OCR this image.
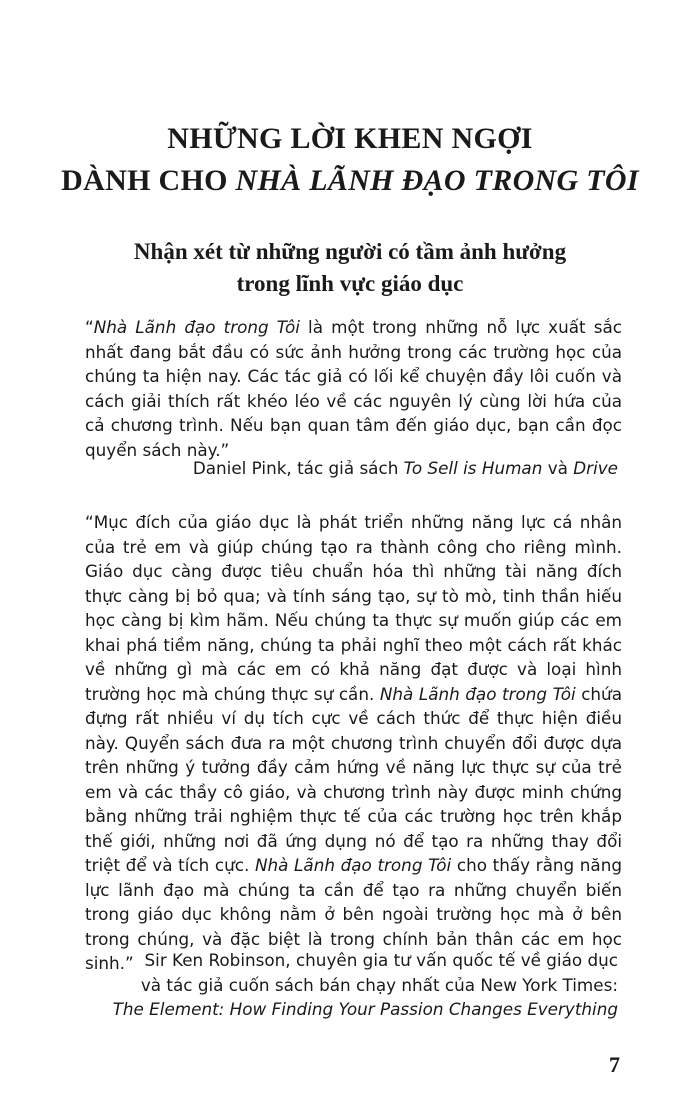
NHỮNG LỜI KHEN NGỢI
DÀNH CHO NHÀ LÃNH ĐẠO TRONG TÔI
Nhận xét từ những người có tầm ảnh hưởng
trong lĩnh vực giáo dục

“Nhà Lãnh đạo trong Tôi là một trong những nỗ lực xuất sắc nhất đang bắt đầu có sức ảnh hưởng trong các trường học của chúng ta hiện nay. Các tác giả có lối kể chuyện đầy lôi cuốn và cách giải thích rất khéo léo về các nguyên lý cùng lời hứa của cả chương trình. Nếu bạn quan tâm đến giáo dục, bạn cần đọc quyển sách này.”

Daniel Pink, tác giả sách To Sell is Human và Drive

“Mục đích của giáo dục là phát triển những năng lực cá nhân của trẻ em và giúp chúng tạo ra thành công cho riêng mình. Giáo dục càng được tiêu chuẩn hóa thì những tài năng đích thực càng bị bỏ qua; và tính sáng tạo, sự tò mò, tinh thần hiếu học càng bị kìm hãm. Nếu chúng ta thực sự muốn giúp các em khai phá tiềm năng, chúng ta phải nghĩ theo một cách rất khác về những gì mà các em có khả năng đạt được và loại hình trường học mà chúng thực sự cần. Nhà Lãnh đạo trong Tôi chứa đựng rất nhiều ví dụ tích cực về cách thức để thực hiện điều này. Quyển sách đưa ra một chương trình chuyển đổi được dựa trên những ý tưởng đầy cảm hứng về năng lực thực sự của trẻ em và các thầy cô giáo, và chương trình này được minh chứng bằng những trải nghiệm thực tế của các trường học trên khắp thế giới, những nơi đã ứng dụng nó để tạo ra những thay đổi triệt để và tích cực. Nhà Lãnh đạo trong Tôi cho thấy rằng năng lực lãnh đạo mà chúng ta cần để tạo ra những chuyển biến trong giáo dục không nằm ở bên ngoài trường học mà ở bên trong chúng, và đặc biệt là trong chính bản thân các em học sinh.” Sir Ken Robinson, chuyên gia tư vấn quốc tế về giáo dục
và tác giả cuốn sách bán chạy nhất của New York Times:
The Element: How Finding Your Passion Changes Everything
7
